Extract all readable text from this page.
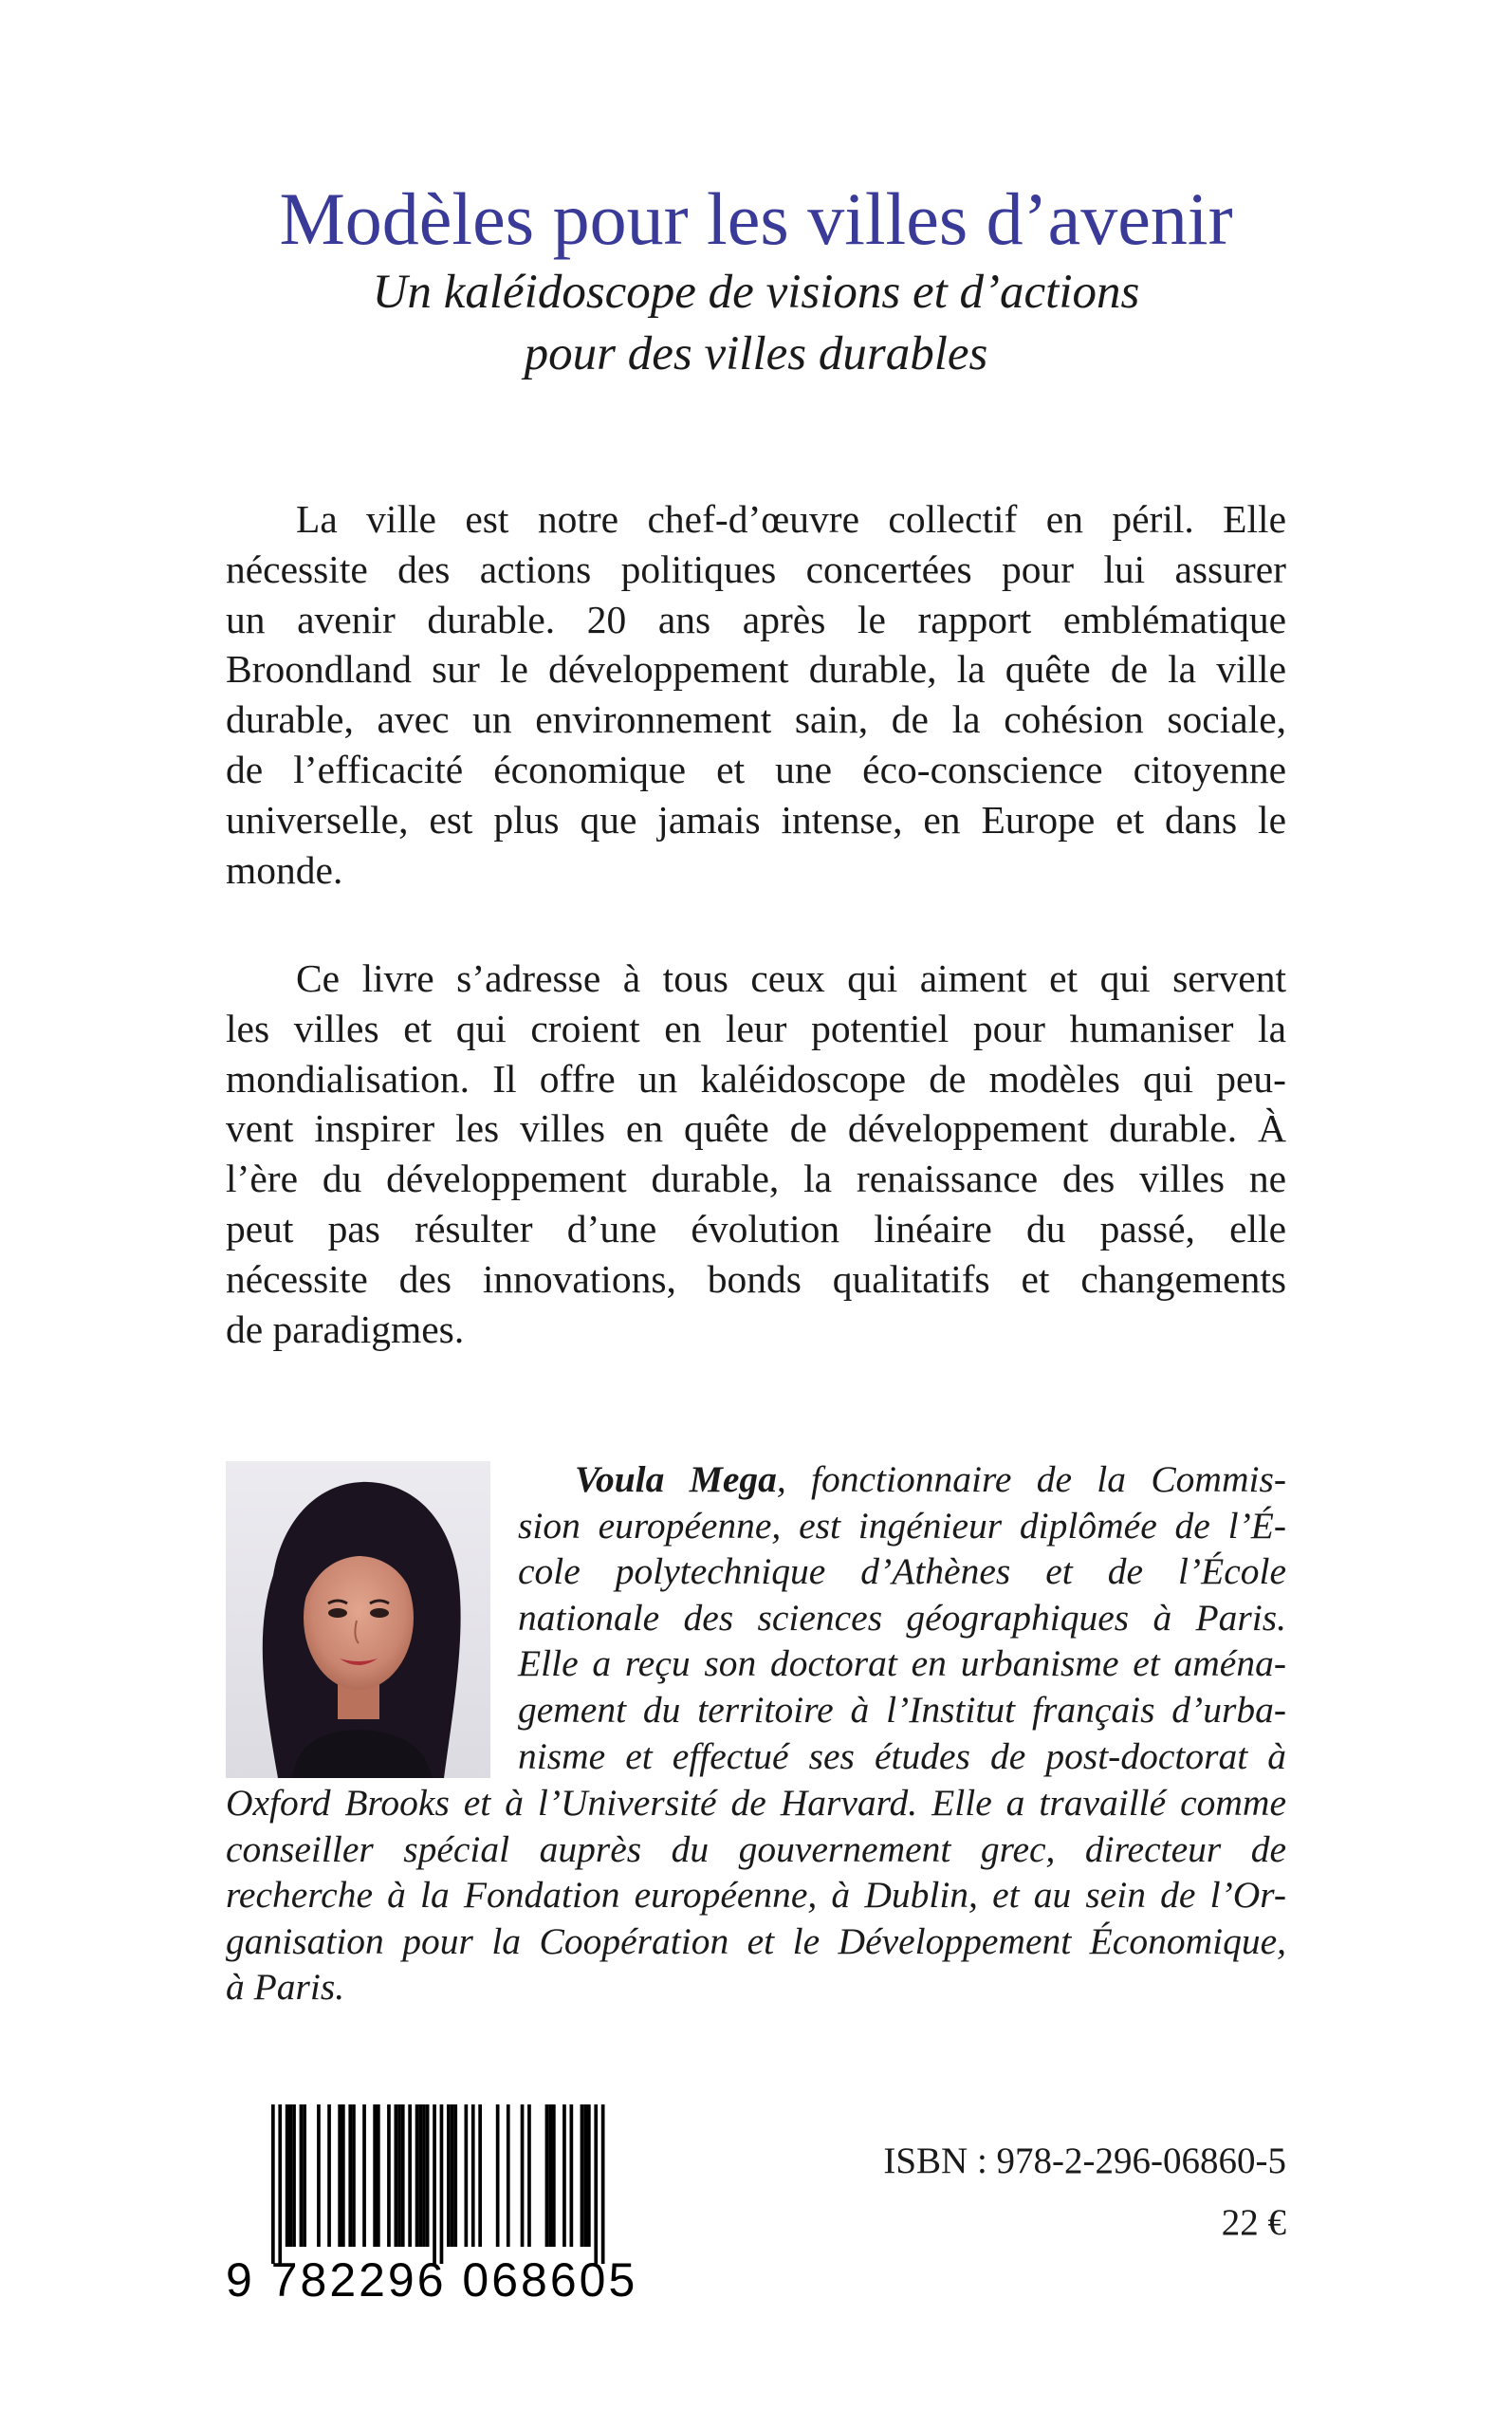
Modèles pour les villes d’avenir
Un kaléidoscope de visions et d’actions
pour des villes durables
La ville est notre chef-d’œuvre collectif en péril. Elle
nécessite des actions politiques concertées pour lui assurer
un avenir durable. 20 ans après le rapport emblématique
Broondland sur le développement durable, la quête de la ville
durable, avec un environnement sain, de la cohésion sociale,
de l’efficacité économique et une éco-conscience citoyenne
universelle, est plus que jamais intense, en Europe et dans le
monde.
Ce livre s’adresse à tous ceux qui aiment et qui servent
les villes et qui croient en leur potentiel pour humaniser la
mondialisation. Il offre un kaléidoscope de modèles qui peu-
vent inspirer les villes en quête de développement durable. À
l’ère du développement durable, la renaissance des villes ne
peut pas résulter d’une évolution linéaire du passé, elle
nécessite des innovations, bonds qualitatifs et changements
de paradigmes.
Voula Mega, fonctionnaire de la Commis-
sion européenne, est ingénieur diplômée de l’É-
cole polytechnique d’Athènes et de l’École
nationale des sciences géographiques à Paris.
Elle a reçu son doctorat en urbanisme et aména-
gement du territoire à l’Institut français d’urba-
nisme et effectué ses études de post-doctorat à
Oxford Brooks et à l’Université de Harvard. Elle a travaillé comme
conseiller spécial auprès du gouvernement grec, directeur de
recherche à la Fondation européenne, à Dublin, et au sein de l’Or-
ganisation pour la Coopération et le Développement Économique,
à Paris.
9 782296 068605
ISBN : 978-2-296-06860-5
22 €
